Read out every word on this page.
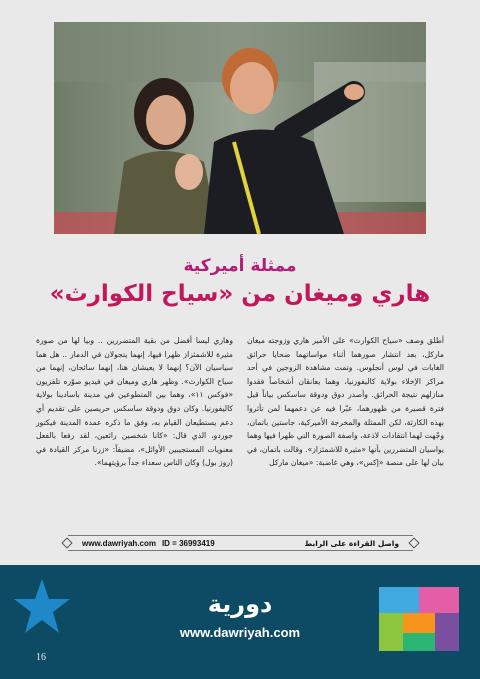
ممثلة أميركية
هاري وميغان من «سياح الكوارث»

أطلق وصف «سياح الكوارث» على الأمير هاري وزوجته ميغان ماركل، بعد انتشار صورهما أثناء مواساتهما ضحايا حرائق الغابات في لوس أنجلوس. وتمت مشاهدة الزوجين في أحد مراكز الإخلاء بولاية كاليفورنيا، وهما يعانقان أشخاصاً فقدوا منازلهم نتيجة الحرائق. وأصدر دوق ودوقة ساسكس بياناً قبل فترة قصيرة من ظهورهما، عبّرا فيه عن دعمهما لمن تأثروا بهذه الكارثة، لكن الممثلة والمخرجة الأميركية، جاستين باتمان، وجّهت لهما انتقادات لاذعة، واصفة الصورة التي ظهرا فيها وهما يواسيان المتضررين بأنها «مثيرة للاشمئزاز». وقالت باتمان، في بيان لها على منصة «إكس»، وهي غاضبة: «ميغان ماركل

وهاري ليسا أفضل من بقية المتضررين .. وبيا لها من صورة مثيرة للاشمئزاز ظهرا فيها، إنهما يتجولان في الدمار .. هل هما سياسيان الآن؟ إنهما لا يعيشان هنا، إنهما سائحان، إنهما من سياح الكوارث». وظهر هاري وميغان في فيديو صوّره تلفزيون «فوكس ١١»، وهما بين المتطوعين في مدينة باسادينا بولاية كاليفورنيا. وكان دوق ودوقة ساسكس حريصين على تقديم أي دعم يستطيعان القيام به، وفق ما ذكره عمدة المدينة فيكتور جوردو، الذي قال: «كانا شخصين رائعين، لقد رفعا بالفعل معنويات المستجيبين الأوائل»، مضيفاً: «زرنا مركز القيادة في (روز بول) وكان الناس سعداء جداً برؤيتهما».

www.dawriyah.com ID = 36993419	واصل القراءة على الرابط
16
دورية
www.dawriyah.com
